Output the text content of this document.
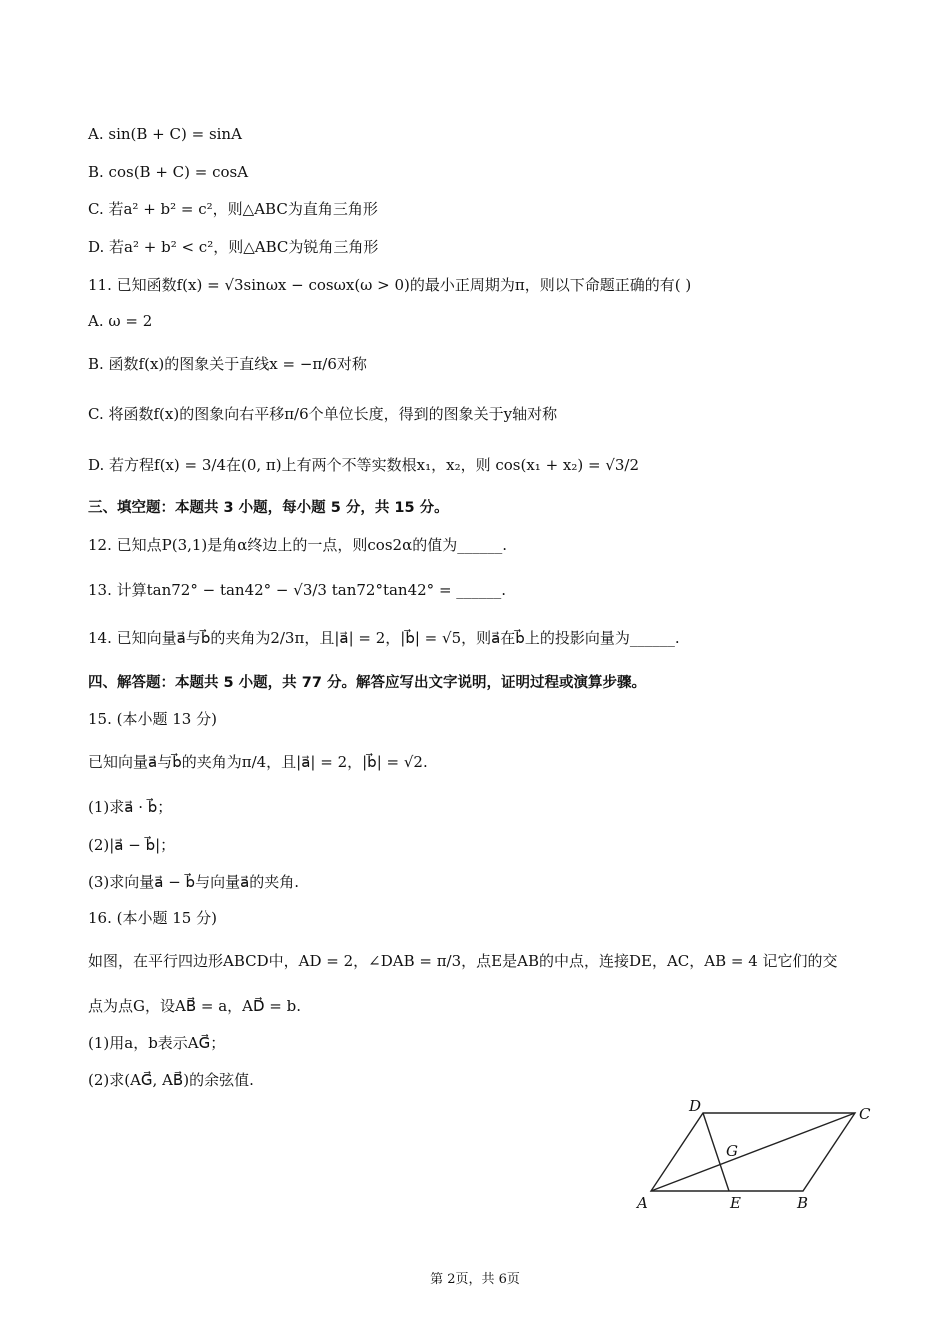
A. sin(B + C) = sinA
B. cos(B + C) = cosA
C. 若a² + b² = c²，则△ABC为直角三角形
D. 若a² + b² < c²，则△ABC为锐角三角形
11. 已知函数f(x) = √3sinωx − cosωx(ω > 0)的最小正周期为π，则以下命题正确的有( )
A. ω = 2
B. 函数f(x)的图象关于直线x = −π/6对称
C. 将函数f(x)的图象向右平移π/6个单位长度，得到的图象关于y轴对称
D. 若方程f(x) = 3/4在(0, π)上有两个不等实数根x₁，x₂，则 cos(x₁ + x₂) = √3/2
三、填空题：本题共 3 小题，每小题 5 分，共 15 分。
12. 已知点P(3,1)是角α终边上的一点，则cos2α的值为______.
13. 计算tan72° − tan42° − √3/3 tan72°tan42° = ______.
14. 已知向量a⃗与b⃗的夹角为2/3π，且|a⃗| = 2，|b⃗| = √5，则a⃗在b⃗上的投影向量为______.
四、解答题：本题共 5 小题，共 77 分。解答应写出文字说明，证明过程或演算步骤。
15. (本小题 13 分)
已知向量a⃗与b⃗的夹角为π/4，且|a⃗| = 2，|b⃗| = √2.
(1)求a⃗ · b⃗；
(2)|a⃗ − b⃗|；
(3)求向量a⃗ − b⃗与向量a⃗的夹角.
16. (本小题 15 分)
如图，在平行四边形ABCD中，AD = 2，∠DAB = π/3，点E是AB的中点，连接DE，AC，AB = 4 记它们的交
点为点G，设AB⃗ = a，AD⃗ = b.
(1)用a，b表示AG⃗；
(2)求(AG⃗, AB⃗)的余弦值.
A	B
C
D
E
G
第 2页，共 6页
